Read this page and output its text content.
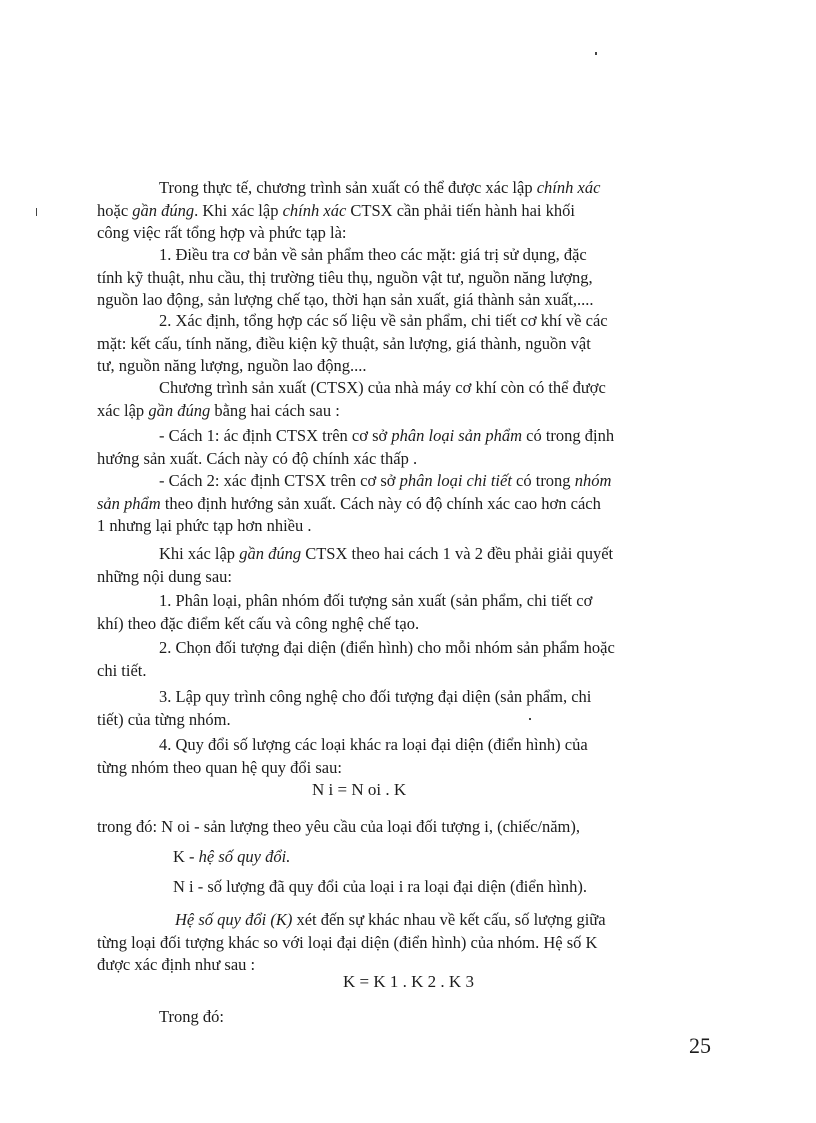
Trong thực tế, chương trình sản xuất có thể được xác lập chính xác
hoặc gần đúng. Khi xác lập chính xác CTSX cần phải tiến hành hai khối
công việc rất tổng hợp và phức tạp là:

1. Điều tra cơ bản về sản phẩm theo các mặt: giá trị sử dụng, đặc
tính kỹ thuật, nhu cầu, thị trường tiêu thụ, nguồn vật tư, nguồn năng lượng,
nguồn lao động, sản lượng chế tạo, thời hạn sản xuất, giá thành sản xuất,....

2. Xác định, tổng hợp các số liệu về sản phẩm, chi tiết cơ khí về các
mặt: kết cấu, tính năng, điều kiện kỹ thuật, sản lượng, giá thành, nguồn vật
tư, nguồn năng lượng, nguồn lao động....

Chương trình sản xuất (CTSX) của nhà máy cơ khí còn có thể được
xác lập gần đúng bằng hai cách sau :

- Cách 1: ác định CTSX trên cơ sở phân loại sản phẩm có trong định
hướng sản xuất. Cách này có độ chính xác thấp .

- Cách 2: xác định CTSX trên cơ sở phân loại chi tiết có trong nhóm
sản phẩm theo định hướng sản xuất. Cách này có độ chính xác cao hơn cách
1 nhưng lại phức tạp hơn nhiều .

Khi xác lập gần đúng CTSX theo hai cách 1 và 2 đều phải giải quyết
những nội dung sau:

1. Phân loại, phân nhóm đối tượng sản xuất (sản phẩm, chi tiết cơ
khí) theo đặc điểm kết cấu và công nghệ chế tạo.

2. Chọn đối tượng đại diện (điển hình) cho mỗi nhóm sản phẩm hoặc
chi tiết.

3. Lập quy trình công nghệ cho đối tượng đại diện (sản phẩm, chi
tiết) của từng nhóm.

4. Quy đổi số lượng các loại khác ra loại đại diện (điển hình) của
từng nhóm theo quan hệ quy đổi sau:

N i = N oi . K

trong đó: N oi - sản lượng theo yêu cầu của loại đối tượng i, (chiếc/năm),

K - hệ số quy đổi.

N i - số lượng đã quy đổi của loại i ra loại đại diện (điển hình).

Hệ số quy đổi (K) xét đến sự khác nhau về kết cấu, số lượng giữa
từng loại đối tượng khác so với loại đại diện (điển hình) của nhóm. Hệ số K
được xác định như sau :

K = K 1 . K 2 . K 3

Trong đó:

25
